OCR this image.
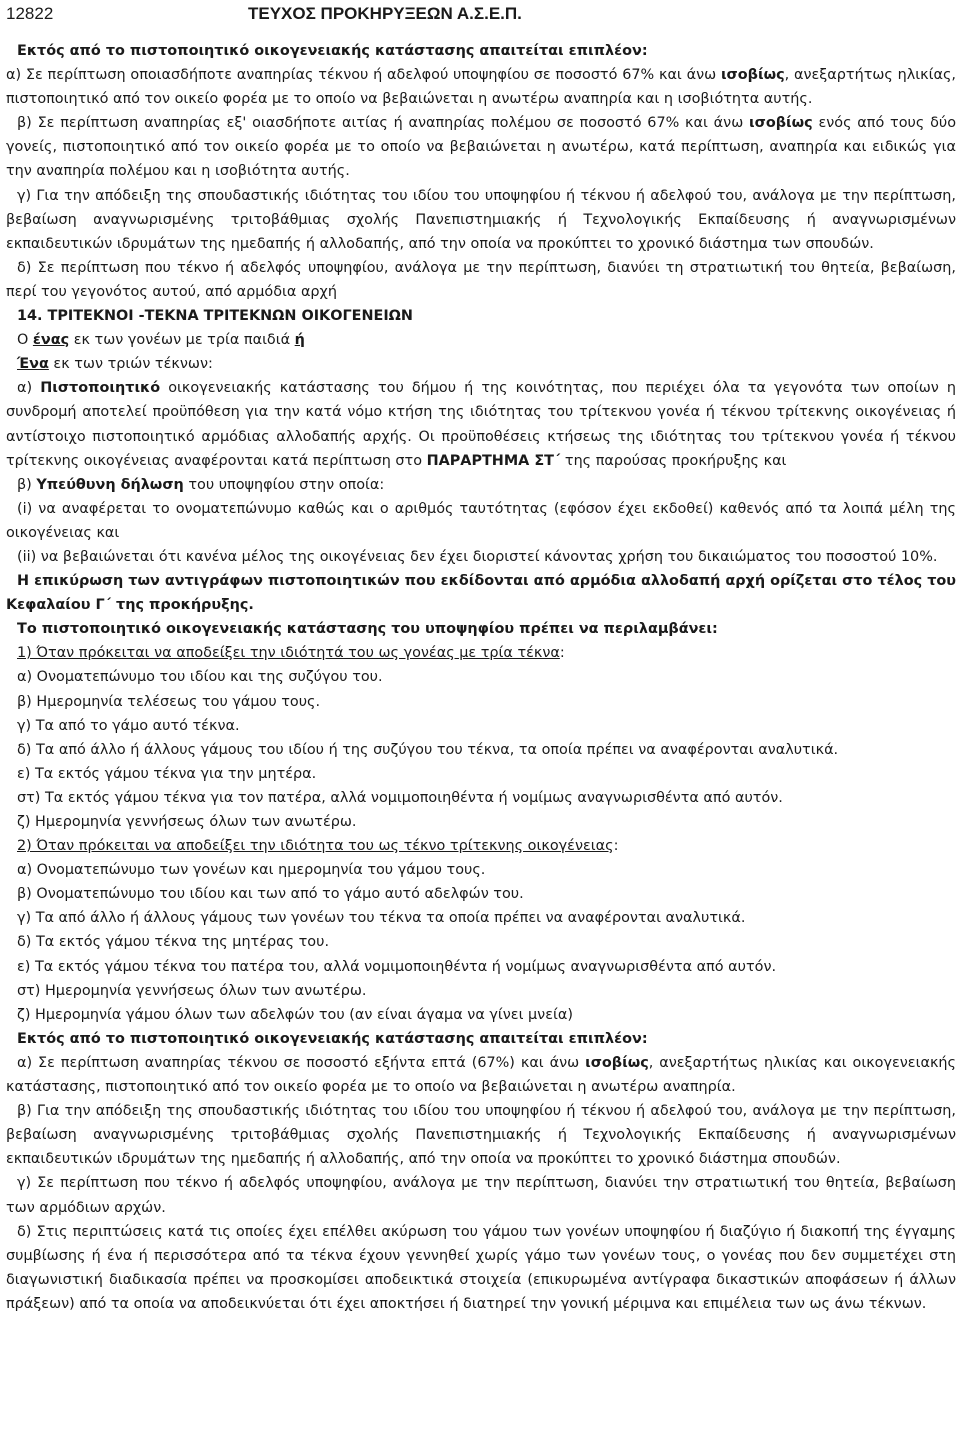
12822	ΤΕΥΧΟΣ ΠΡΟΚΗΡΥΞΕΩΝ Α.Σ.Ε.Π.
Εκτός από το πιστοποιητικό οικογενειακής κατάστασης απαιτείται επιπλέον:
α) Σε περίπτωση οποιασδήποτε αναπηρίας τέκνου ή αδελφού υποψηφίου σε ποσοστό 67% και άνω ισοβίως, ανεξαρτήτως ηλικίας, πιστοποιητικό από τον οικείο φορέα με το οποίο να βεβαιώνεται η ανωτέρω αναπηρία και η ισοβιότητα αυτής.
β) Σε περίπτωση αναπηρίας εξ' οιασδήποτε αιτίας ή αναπηρίας πολέμου σε ποσοστό 67% και άνω ισοβίως ενός από τους δύο γονείς, πιστοποιητικό από τον οικείο φορέα με το οποίο να βεβαιώνεται η ανωτέρω, κατά περίπτωση, αναπηρία και ειδικώς για την αναπηρία πολέμου και η ισοβιότητα αυτής.
γ) Για την απόδειξη της σπουδαστικής ιδιότητας του ιδίου του υποψηφίου ή τέκνου ή αδελφού του, ανάλογα με την περίπτωση, βεβαίωση αναγνωρισμένης τριτοβάθμιας σχολής Πανεπιστημιακής ή Τεχνολογικής Εκπαίδευσης ή αναγνωρισμένων εκπαιδευτικών ιδρυμάτων της ημεδαπής ή αλλοδαπής, από την οποία να προκύπτει το χρονικό διάστημα των σπουδών.
δ) Σε περίπτωση που τέκνο ή αδελφός υποψηφίου, ανάλογα με την περίπτωση, διανύει τη στρατιωτική του θητεία, βεβαίωση, περί του γεγονότος αυτού, από αρμόδια αρχή
14. ΤΡΙΤΕΚΝΟΙ -ΤΕΚΝΑ ΤΡΙΤΕΚΝΩΝ ΟΙΚΟΓΕΝΕΙΩΝ
Ο ένας εκ των γονέων με τρία παιδιά ή
Ένα εκ των τριών τέκνων:
α) Πιστοποιητικό οικογενειακής κατάστασης του δήμου ή της κοινότητας, που περιέχει όλα τα γεγονότα των οποίων η συνδρομή αποτελεί προϋπόθεση για την κατά νόμο κτήση της ιδιότητας του τρίτεκνου γονέα ή τέκνου τρίτεκνης οικογένειας ή αντίστοιχο πιστοποιητικό αρμόδιας αλλοδαπής αρχής. Οι προϋποθέσεις κτήσεως της ιδιότητας του τρίτεκνου γονέα ή τέκνου τρίτεκνης οικογένειας αναφέρονται κατά περίπτωση στο ΠΑΡΑΡΤΗΜΑ ΣΤ΄ της παρούσας προκήρυξης και
β) Υπεύθυνη δήλωση του υποψηφίου στην οποία:
(i) να αναφέρεται το ονοματεπώνυμο καθώς και ο αριθμός ταυτότητας (εφόσον έχει εκδοθεί) καθενός από τα λοιπά μέλη της οικογένειας και
(ii) να βεβαιώνεται ότι κανένα μέλος της οικογένειας δεν έχει διοριστεί κάνοντας χρήση του δικαιώματος του ποσοστού 10%.
Η επικύρωση των αντιγράφων πιστοποιητικών που εκδίδονται από αρμόδια αλλοδαπή αρχή ορίζεται στο τέλος του Κεφαλαίου Γ΄ της προκήρυξης.
Το πιστοποιητικό οικογενειακής κατάστασης του υποψηφίου πρέπει να περιλαμβάνει:
1) Όταν πρόκειται να αποδείξει την ιδιότητά του ως γονέας με τρία τέκνα:
α) Ονοματεπώνυμο του ιδίου και της συζύγου του.
β) Ημερομηνία τελέσεως του γάμου τους.
γ) Τα από το γάμο αυτό τέκνα.
δ) Τα από άλλο ή άλλους γάμους του ιδίου ή της συζύγου του τέκνα, τα οποία πρέπει να αναφέρονται αναλυτικά.
ε) Τα εκτός γάμου τέκνα για την μητέρα.
στ) Τα εκτός γάμου τέκνα για τον πατέρα, αλλά νομιμοποιηθέντα ή νομίμως αναγνωρισθέντα από αυτόν.
ζ) Ημερομηνία γεννήσεως όλων των ανωτέρω.
2) Όταν πρόκειται να αποδείξει την ιδιότητα του ως τέκνο τρίτεκνης οικογένειας:
α) Ονοματεπώνυμο των γονέων και ημερομηνία του γάμου τους.
β) Ονοματεπώνυμο του ιδίου και των από το γάμο αυτό αδελφών του.
γ) Τα από άλλο ή άλλους γάμους των γονέων του τέκνα τα οποία πρέπει να αναφέρονται αναλυτικά.
δ) Τα εκτός γάμου τέκνα της μητέρας του.
ε) Τα εκτός γάμου τέκνα του πατέρα του, αλλά νομιμοποιηθέντα ή νομίμως αναγνωρισθέντα από αυτόν.
στ) Ημερομηνία γεννήσεως όλων των ανωτέρω.
ζ) Ημερομηνία γάμου όλων των αδελφών του (αν είναι άγαμα να γίνει μνεία)
Εκτός από το πιστοποιητικό οικογενειακής κατάστασης απαιτείται επιπλέον:
α) Σε περίπτωση αναπηρίας τέκνου σε ποσοστό εξήντα επτά (67%) και άνω ισοβίως, ανεξαρτήτως ηλικίας και οικογενειακής κατάστασης, πιστοποιητικό από τον οικείο φορέα με το οποίο να βεβαιώνεται η ανωτέρω αναπηρία.
β) Για την απόδειξη της σπουδαστικής ιδιότητας του ιδίου του υποψηφίου ή τέκνου ή αδελφού του, ανάλογα με την περίπτωση, βεβαίωση αναγνωρισμένης τριτοβάθμιας σχολής Πανεπιστημιακής ή Τεχνολογικής Εκπαίδευσης ή αναγνωρισμένων εκπαιδευτικών ιδρυμάτων της ημεδαπής ή αλλοδαπής, από την οποία να προκύπτει το χρονικό διάστημα σπουδών.
γ) Σε περίπτωση που τέκνο ή αδελφός υποψηφίου, ανάλογα με την περίπτωση, διανύει την στρατιωτική του θητεία, βεβαίωση των αρμόδιων αρχών.
δ) Στις περιπτώσεις κατά τις οποίες έχει επέλθει ακύρωση του γάμου των γονέων υποψηφίου ή διαζύγιο ή διακοπή της έγγαμης συμβίωσης ή ένα ή περισσότερα από τα τέκνα έχουν γεννηθεί χωρίς γάμο των γονέων τους, ο γονέας που δεν συμμετέχει στη διαγωνιστική διαδικασία πρέπει να προσκομίσει αποδεικτικά στοιχεία (επικυρωμένα αντίγραφα δικαστικών αποφάσεων ή άλλων πράξεων) από τα οποία να αποδεικνύεται ότι έχει αποκτήσει ή διατηρεί την γονική μέριμνα και επιμέλεια των ως άνω τέκνων.
